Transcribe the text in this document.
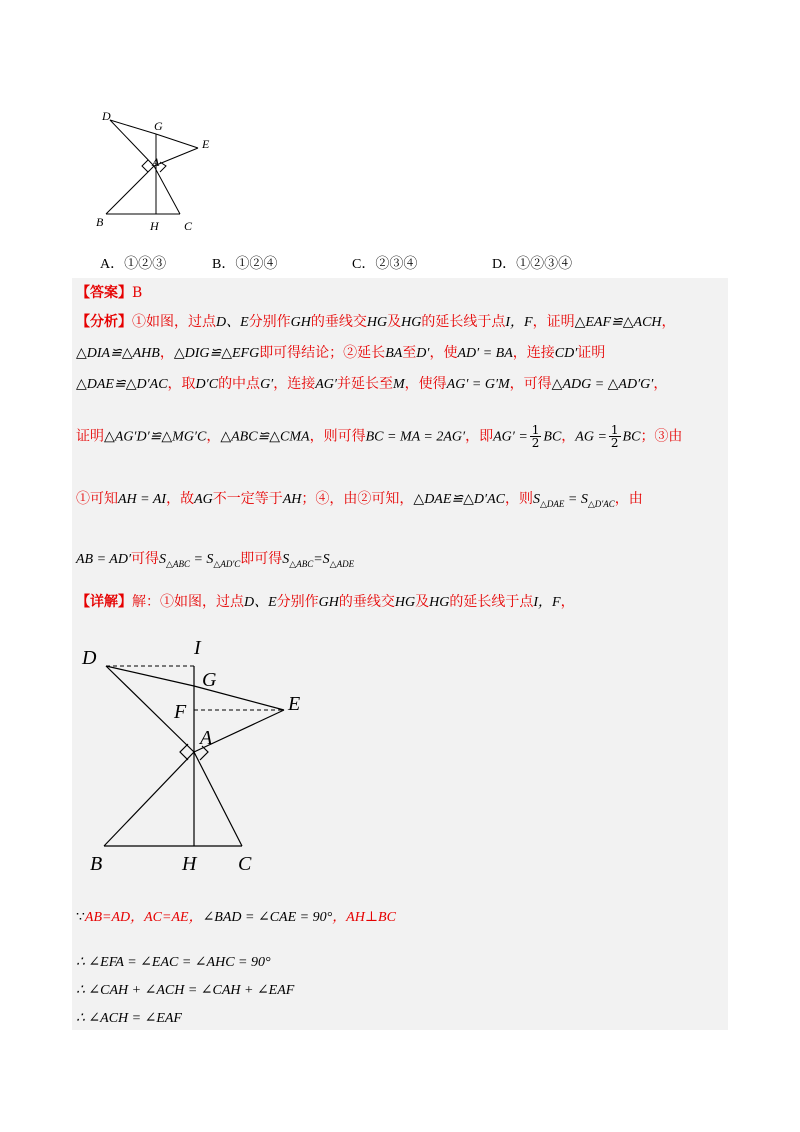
D
G
E
A
B	H C
A．①②③	B．①②④	C．②③④	D．①②③④
【答案】B
【分析】①如图，过点D、E分别作GH的垂线交HG及HG的延长线于点I，F，证明△EAF≌△ACH，
△DIA≌△AHB，△DIG≌△EFG即可得结论；②延长BA至D′，使AD′ = BA，连接CD′证明
△DAE≌△D′AC，取D′C的中点G′，连接AG′并延长至M，使得AG′ = G′M，可得△ADG = △AD′G′，
证明△AG′D′≌△MG′C，△ABC≌△CMA，则可得BC = MA = 2AG′，即$AG' = \frac{1}{2}$ BC，AG = $\frac{1}{2}$ BC；③由
①可知AH = AI，故AG不一定等于AH；④，由②可知，△DAE≌△D′AC，则$S_{\triangle DAE} = S_{\triangle D'AC}$，由
AB = AD′可得$S_{\triangle ABC} = S_{\triangle AD'C}$即可得$S_{\triangle ABC}=S_{\triangle ADE}$
【详解】解：①如图，过点D、E分别作GH的垂线交HG及HG的延长线于点I，F，
D	I
G
E
F
A
B	H C
∵AB=AD，AC=AE，∠BAD = ∠CAE = 90°，AH⊥BC
∴ ∠EFA = ∠EAC = ∠AHC = 90°
∴ ∠CAH + ∠ACH = ∠CAH + ∠EAF
∴ ∠ACH = ∠EAF
